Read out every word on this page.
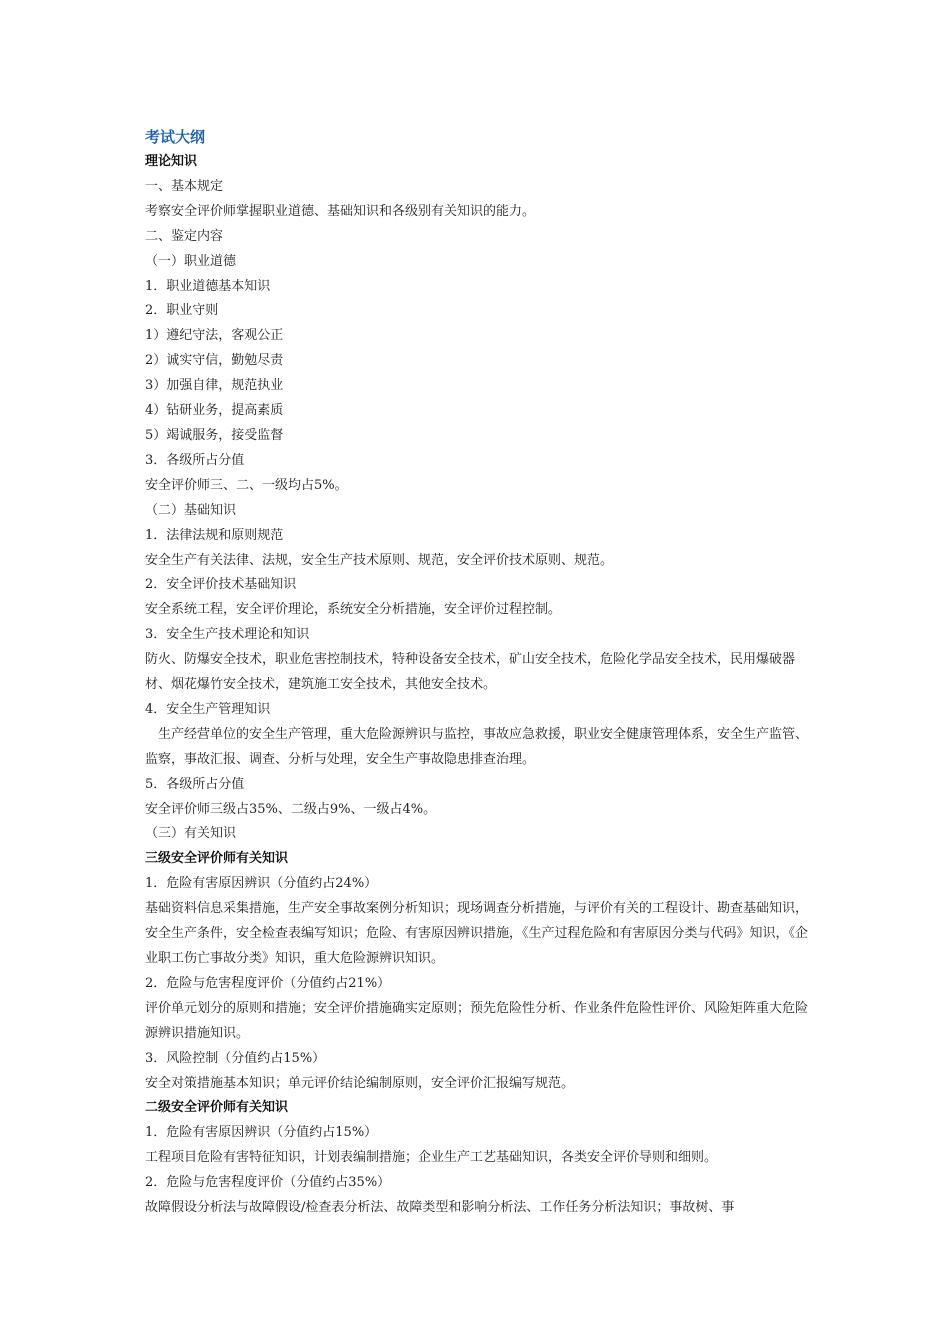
考试大纲

理论知识

一、基本规定

考察安全评价师掌握职业道德、基础知识和各级别有关知识的能力。

二、鉴定内容

（一）职业道德

1．职业道德基本知识

2．职业守则

1）遵纪守法，客观公正

2）诚实守信，勤勉尽责

3）加强自律，规范执业

4）钻研业务，提高素质

5）竭诚服务，接受监督

3．各级所占分值

安全评价师三、二、一级均占5%。

（二）基础知识

1．法律法规和原则规范

安全生产有关法律、法规，安全生产技术原则、规范，安全评价技术原则、规范。

2．安全评价技术基础知识

安全系统工程，安全评价理论，系统安全分析措施，安全评价过程控制。

3．安全生产技术理论和知识

防火、防爆安全技术，职业危害控制技术，特种设备安全技术，矿山安全技术，危险化学品安全技术，民用爆破器材、烟花爆竹安全技术，建筑施工安全技术，其他安全技术。

4．安全生产管理知识

生产经营单位的安全生产管理，重大危险源辨识与监控，事故应急救援，职业安全健康管理体系，安全生产监管、监察，事故汇报、调查、分析与处理，安全生产事故隐患排查治理。

5．各级所占分值

安全评价师三级占35%、二级占9%、一级占4%。

（三）有关知识

三级安全评价师有关知识

1．危险有害原因辨识（分值约占24%）

基础资料信息采集措施，生产安全事故案例分析知识；现场调查分析措施，与评价有关的工程设计、勘查基础知识，安全生产条件，安全检查表编写知识；危险、有害原因辨识措施，《生产过程危险和有害原因分类与代码》知识，《企业职工伤亡事故分类》知识，重大危险源辨识知识。

2．危险与危害程度评价（分值约占21%）

评价单元划分的原则和措施；安全评价措施确实定原则；预先危险性分析、作业条件危险性评价、风险矩阵重大危险源辨识措施知识。

3．风险控制（分值约占15%）

安全对策措施基本知识；单元评价结论编制原则，安全评价汇报编写规范。

二级安全评价师有关知识

1．危险有害原因辨识（分值约占15%）

工程项目危险有害特征知识，计划表编制措施；企业生产工艺基础知识，各类安全评价导则和细则。

2．危险与危害程度评价（分值约占35%）

故障假设分析法与故障假设/检查表分析法、故障类型和影响分析法、工作任务分析法知识；事故树、事
